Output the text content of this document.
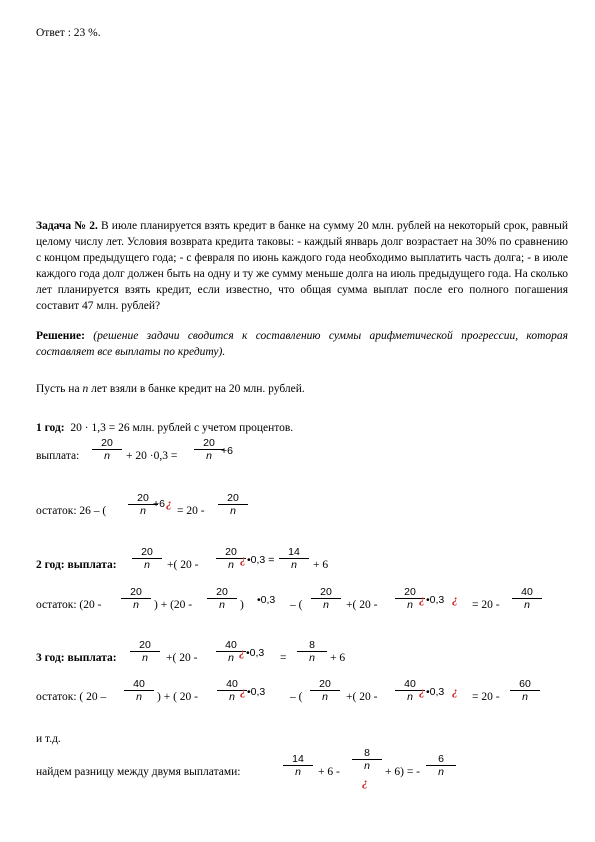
Ответ : 23 %.
Задача № 2. В июле планируется взять кредит в банке на сумму 20 млн. рублей на некоторый срок, равный целому числу лет. Условия возврата кредита таковы: - каждый январь долг возрастает на 30% по сравнению с концом предыдущего года; - с февраля по июнь каждого года необходимо выплатить часть долга; - в июле каждого года долг должен быть на одну и ту же сумму меньше долга на июль предыдущего года. На сколько лет планируется взять кредит, если известно, что общая сумма выплат после его полного погашения составит 47 млн. рублей?
Решение: (решение задачи сводится к составлению суммы арифметической прогрессии, которая составляет все выплаты по кредиту).
Пусть на n лет взяли в банке кредит на 20 млн. рублей.
1 год: 20 · 1,3 = 26 млн. рублей с учетом процентов.
выплата: $\frac{20}{n} + 20 \cdot 0,3 = \frac{20}{n}$
+6
остаток: 26 – ( $\frac{20}{n}$
+6 ¿
= $20 - \frac{20}{n}$
2 год: выплата: $\frac{20}{n}$ +( $20 - \frac{20}{n}$
¿ •0,3 = $\frac{14}{n} + 6$
остаток: ($20 - \frac{20}{n}$ ) + ($20 - \frac{20}{n}$ ) •0,3 – ( $\frac{20}{n}$ +( $20 - \frac{20}{n}$
¿ •0,3 ¿ = $20 - \frac{40}{n}$
3 год: выплата: $\frac{20}{n}$ +( $20 - \frac{40}{n}$
¿ •0,3 = $\frac{8}{n} + 6$
остаток: ( $20 - \frac{40}{n}$ ) + ( $20 - \frac{40}{n}$
¿ •0,3 – ( $\frac{20}{n}$ +( $20 - \frac{40}{n}$
¿ •0,3 ¿ = $20 - \frac{60}{n}$
и т.д.
найдем разницу между двумя выплатами:	$\frac{14}{n} + 6 - \frac{8}{n}$
¿
+ 6) = - $\frac{6}{n}$
